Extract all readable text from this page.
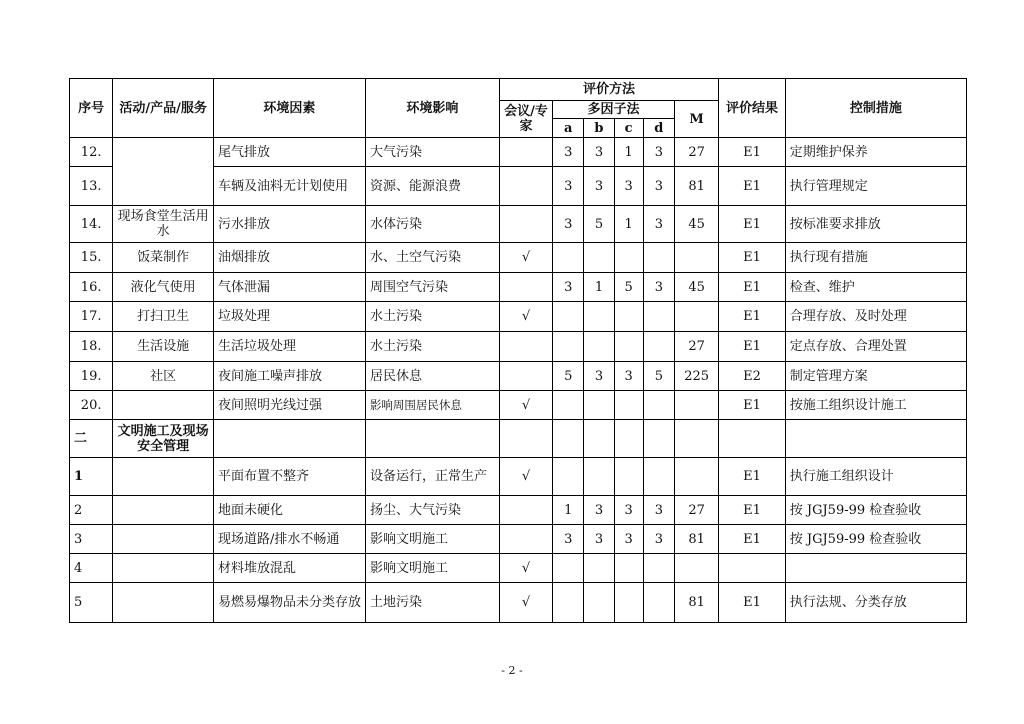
序号	活动/产品/服务	环境因素	环境影响	评价方法						评价结果	控制措施
				会议/专家	多因子法				M		
					a	b	c	d			
12.		尾气排放	大气污染		3	3	1	3	27	E1	定期维护保养
13.		车辆及油料无计划使用	资源、能源浪费		3	3	3	3	81	E1	执行管理规定
14.	现场食堂生活用水	污水排放	水体污染		3	5	1	3	45	E1	按标准要求排放
15.	饭菜制作	油烟排放	水、土空气污染	√						E1	执行现有措施
16.	液化气使用	气体泄漏	周围空气污染		3	1	5	3	45	E1	检查、维护
17.	打扫卫生	垃圾处理	水土污染	√						E1	合理存放、及时处理
18.	生活设施	生活垃圾处理	水土污染						27	E1	定点存放、合理处置
19.	社区	夜间施工噪声排放	居民休息		5	3	3	5	225	E2	制定管理方案
20.		夜间照明光线过强	影响周围居民休息	√						E1	按施工组织设计施工
二	文明施工及现场安全管理										
1		平面布置不整齐	设备运行，正常生产	√						E1	执行施工组织设计
2		地面未硬化	扬尘、大气污染		1	3	3	3	27	E1	按 JGJ59-99 检查验收
3		现场道路/排水不畅通	影响文明施工		3	3	3	3	81	E1	按 JGJ59-99 检查验收
4		材料堆放混乱	影响文明施工	√							
5		易燃易爆物品未分类存放	土地污染	√					81	E1	执行法规、分类存放
- 2 -
